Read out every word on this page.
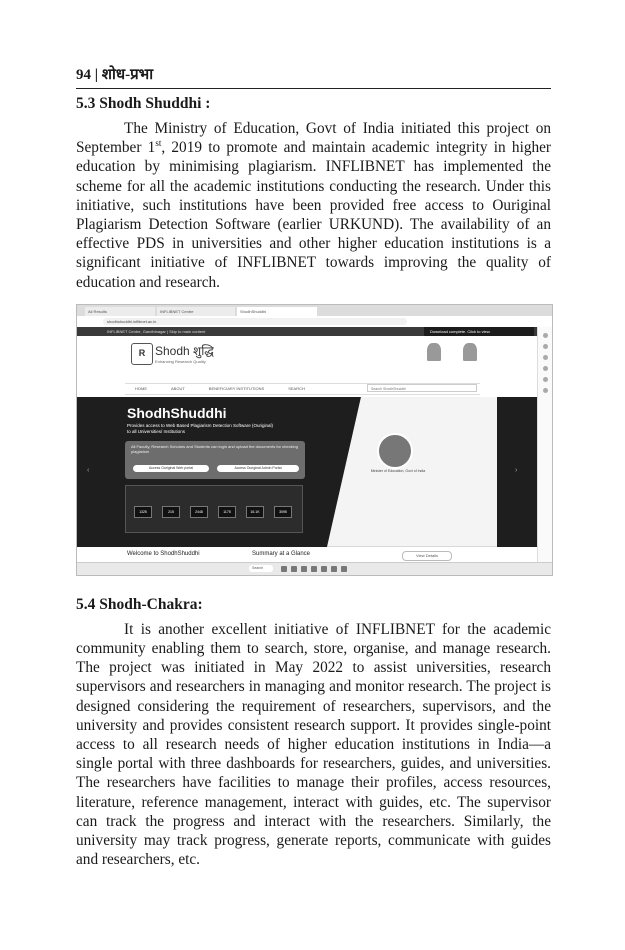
94 | शोध-प्रभा
5.3 Shodh Shuddhi :

The Ministry of Education, Govt of India initiated this project on September 1st, 2019 to promote and maintain academic integrity in higher education by minimising plagiarism. INFLIBNET has implemented the scheme for all the academic institutions conducting the research. Under this initiative, such institutions have been provided free access to Ouriginal Plagiarism Detection Software (earlier URKUND). The availability of an effective PDS in universities and other higher education institutions is a significant initiative of INFLIBNET towards improving the quality of education and research.

All Results	INFLIBNET Centre	ShodhShuddhi
shodhshuddhi.inflibnet.ac.in
INFLIBNET Centre, Gandhinagar | Skip to main content	Download complete. Click to view.
R Shodh शुद्धि
Enhancing Research Quality
HOME	ABOUT	BENEFICIARY INSTITUTIONS	SEARCH	Search ShodhShuddhi
‹	›
ShodhShuddhi
Provides access to Web Based Plagiarism Detection Software (Ouriginal) to all Universities/ Institutions
All Faculty, Research Scholars and Students can login and upload the documents for checking plagiarism
Access Ouriginal Web portal	Access Ouriginal Admin Portal
1325	215	2448	1175	16.1K	3095
Minister of Education, Govt of India
Welcome to ShodhShuddhi	Summary at a Glance	View Details
Search
5.4 Shodh-Chakra:

It is another excellent initiative of INFLIBNET for the academic community enabling them to search, store, organise, and manage research. The project was initiated in May 2022 to assist universities, research supervisors and researchers in managing and monitor research. The project is designed considering the requirement of researchers, supervisors, and the university and provides consistent research support. It provides single-point access to all research needs of higher education institutions in India—a single portal with three dashboards for researchers, guides, and universities. The researchers have facilities to manage their profiles, access resources, literature, reference management, interact with guides, etc. The supervisor can track the progress and interact with the researchers. Similarly, the university may track progress, generate reports, communicate with guides and researchers, etc.
